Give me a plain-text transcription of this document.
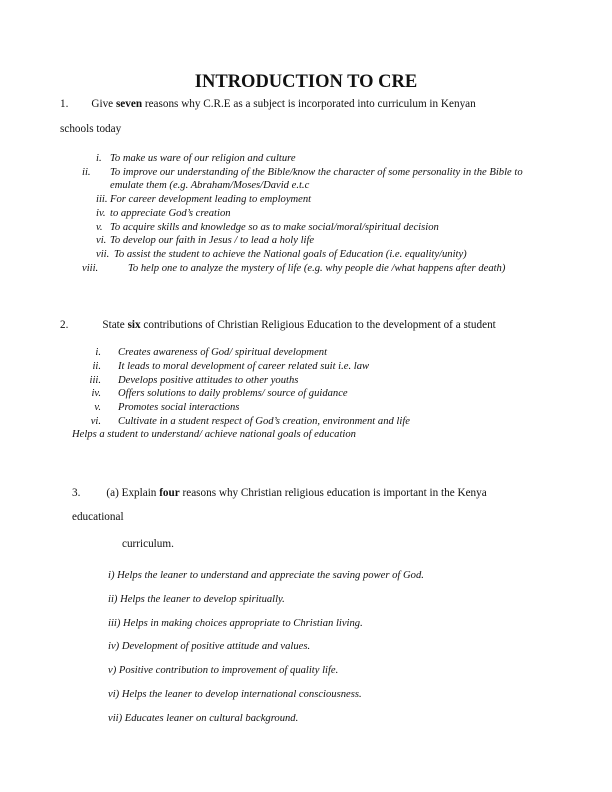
INTRODUCTION TO CRE
1. Give seven reasons why C.R.E as a subject is incorporated into curriculum in Kenyan
schools today
i. To make us ware of our religion and culture
ii. To improve our understanding of the Bible/know the character of some personality in the Bible to emulate them (e.g. Abraham/Moses/David e.t.c
iii. For career development leading to employment
iv. to appreciate God’s creation
v. To acquire skills and knowledge so as to make social/moral/spiritual decision
vi. To develop our faith in Jesus / to lead a holy life
vii. To assist the student to achieve the National goals of Education (i.e. equality/unity)
viii.	To help one to analyze the mystery of life (e.g. why people die /what happens after death)
2.	State six contributions of Christian Religious Education to the development of a student
i. Creates awareness of God/ spiritual development
ii. It leads to moral development of career related suit i.e. law
iii. Develops positive attitudes to other youths
iv. Offers solutions to daily problems/ source of guidance
v. Promotes social interactions
vi. Cultivate in a student respect of God’s creation, environment and life
Helps a student to understand/ achieve national goals of education
3. (a) Explain four reasons why Christian religious education is important in the Kenya
educational
curriculum.
i) Helps the leaner to understand and appreciate the saving power of God.
ii) Helps the leaner to develop spiritually.
iii) Helps in making choices appropriate to Christian living.
iv) Development of positive attitude and values.
v) Positive contribution to improvement of quality life.
vi) Helps the leaner to develop international consciousness.
vii) Educates leaner on cultural background.
